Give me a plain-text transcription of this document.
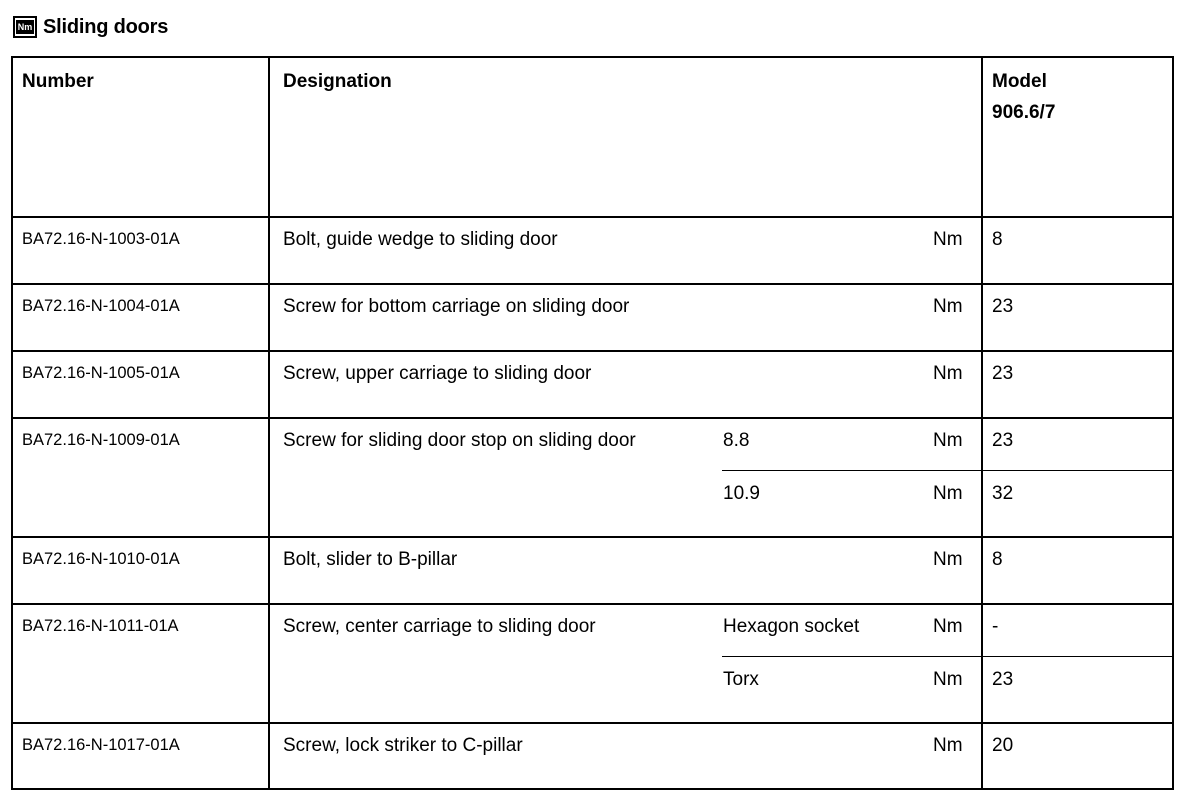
Nm Sliding doors
Number	Designation	Model
906.6/7
BA72.16-N-1003-01A	Bolt, guide wedge to sliding door	Nm 8
BA72.16-N-1004-01A	Screw for bottom carriage on sliding door	Nm 23
BA72.16-N-1005-01A	Screw, upper carriage to sliding door	Nm 23
BA72.16-N-1009-01A	Screw for sliding door stop on sliding door	8.8	Nm 23
10.9	Nm 32
BA72.16-N-1010-01A	Bolt, slider to B-pillar	Nm 8
BA72.16-N-1011-01A	Screw, center carriage to sliding door	Hexagon socket	Nm -
Torx	Nm 23
BA72.16-N-1017-01A	Screw, lock striker to C-pillar	Nm 20
